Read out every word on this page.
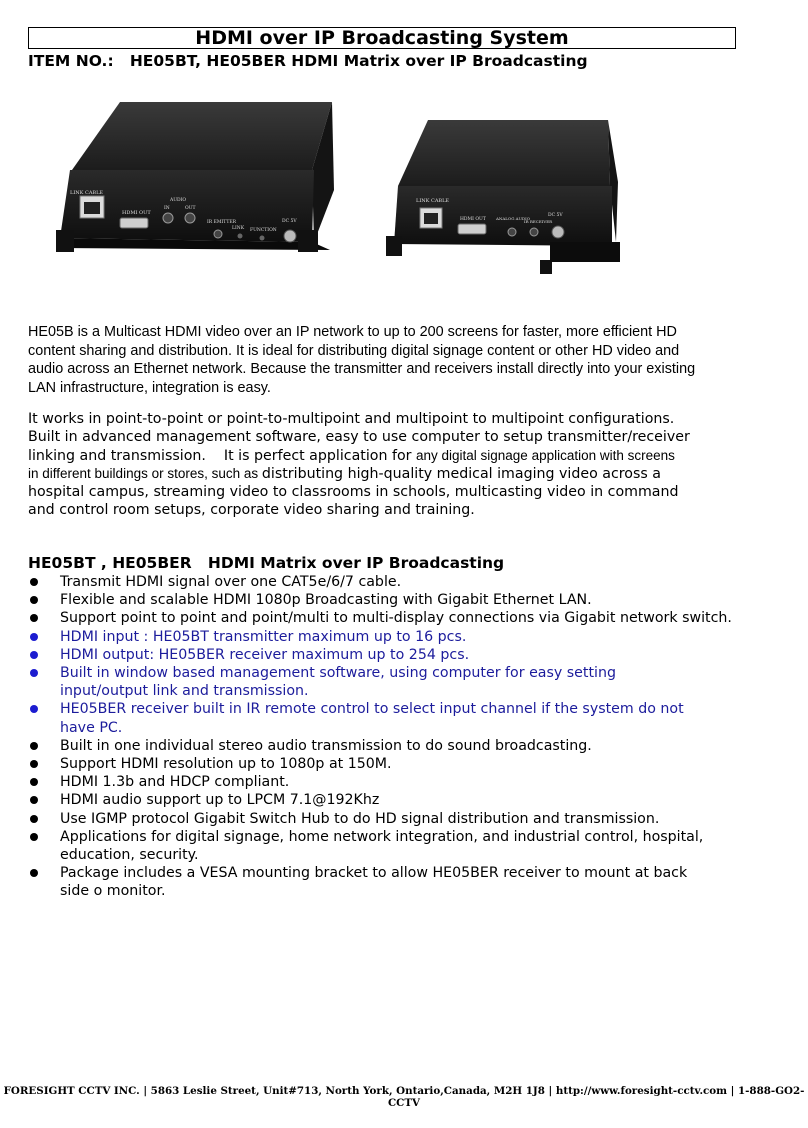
HDMI over IP Broadcasting System
ITEM NO.:   HE05BT, HE05BER HDMI Matrix over IP Broadcasting
LINK CABLE
HDMI OUT
AUDIO
IN	OUT
IR EMITTER
LINK FUNCTION
DC 5V
LINK CABLE
HDMI OUT	ANALOG AUDIO
IR RECEIVER
DC 5V

HE05B is a Multicast HDMI video over an IP network to up to 200 screens for faster, more efficient HD

content sharing and distribution. It is ideal for distributing digital signage content or other HD video and

audio across an Ethernet network. Because the transmitter and receivers install directly into your existing

LAN infrastructure, integration is easy.

It works in point-to-point or point-to-multipoint and multipoint to multipoint configurations.
Built in advanced management software, easy to use computer to setup transmitter/receiver
linking and transmission.    It is perfect application for any digital signage application with screens
in different buildings or stores, such as distributing high-quality medical imaging video across a
hospital campus, streaming video to classrooms in schools, multicasting video in command
and control room setups, corporate video sharing and training.
HE05BT , HE05BER   HDMI Matrix over IP Broadcasting
Transmit HDMI signal over one CAT5e/6/7 cable.
Flexible and scalable HDMI 1080p Broadcasting with Gigabit Ethernet LAN.
Support point to point and point/multi to multi-display connections via Gigabit network switch.
HDMI input : HE05BT transmitter maximum up to 16 pcs.
HDMI output: HE05BER receiver maximum up to 254 pcs.
Built in window based management software, using computer for easy setting
input/output link and transmission.
HE05BER receiver built in IR remote control to select input channel if the system do not
have PC.
Built in one individual stereo audio transmission to do sound broadcasting.
Support HDMI resolution up to 1080p at 150M.
HDMI 1.3b and HDCP compliant.
HDMI audio support up to LPCM 7.1@192Khz
Use IGMP protocol Gigabit Switch Hub to do HD signal distribution and transmission.
Applications for digital signage, home network integration, and industrial control, hospital,
education, security.
Package includes a VESA mounting bracket to allow HE05BER receiver to mount at back
side o monitor.
FORESIGHT CCTV INC. | 5863 Leslie Street, Unit#713, North York, Ontario,Canada, M2H 1J8 | http://www.foresight-cctv.com | 1-888-GO2-CCTV
